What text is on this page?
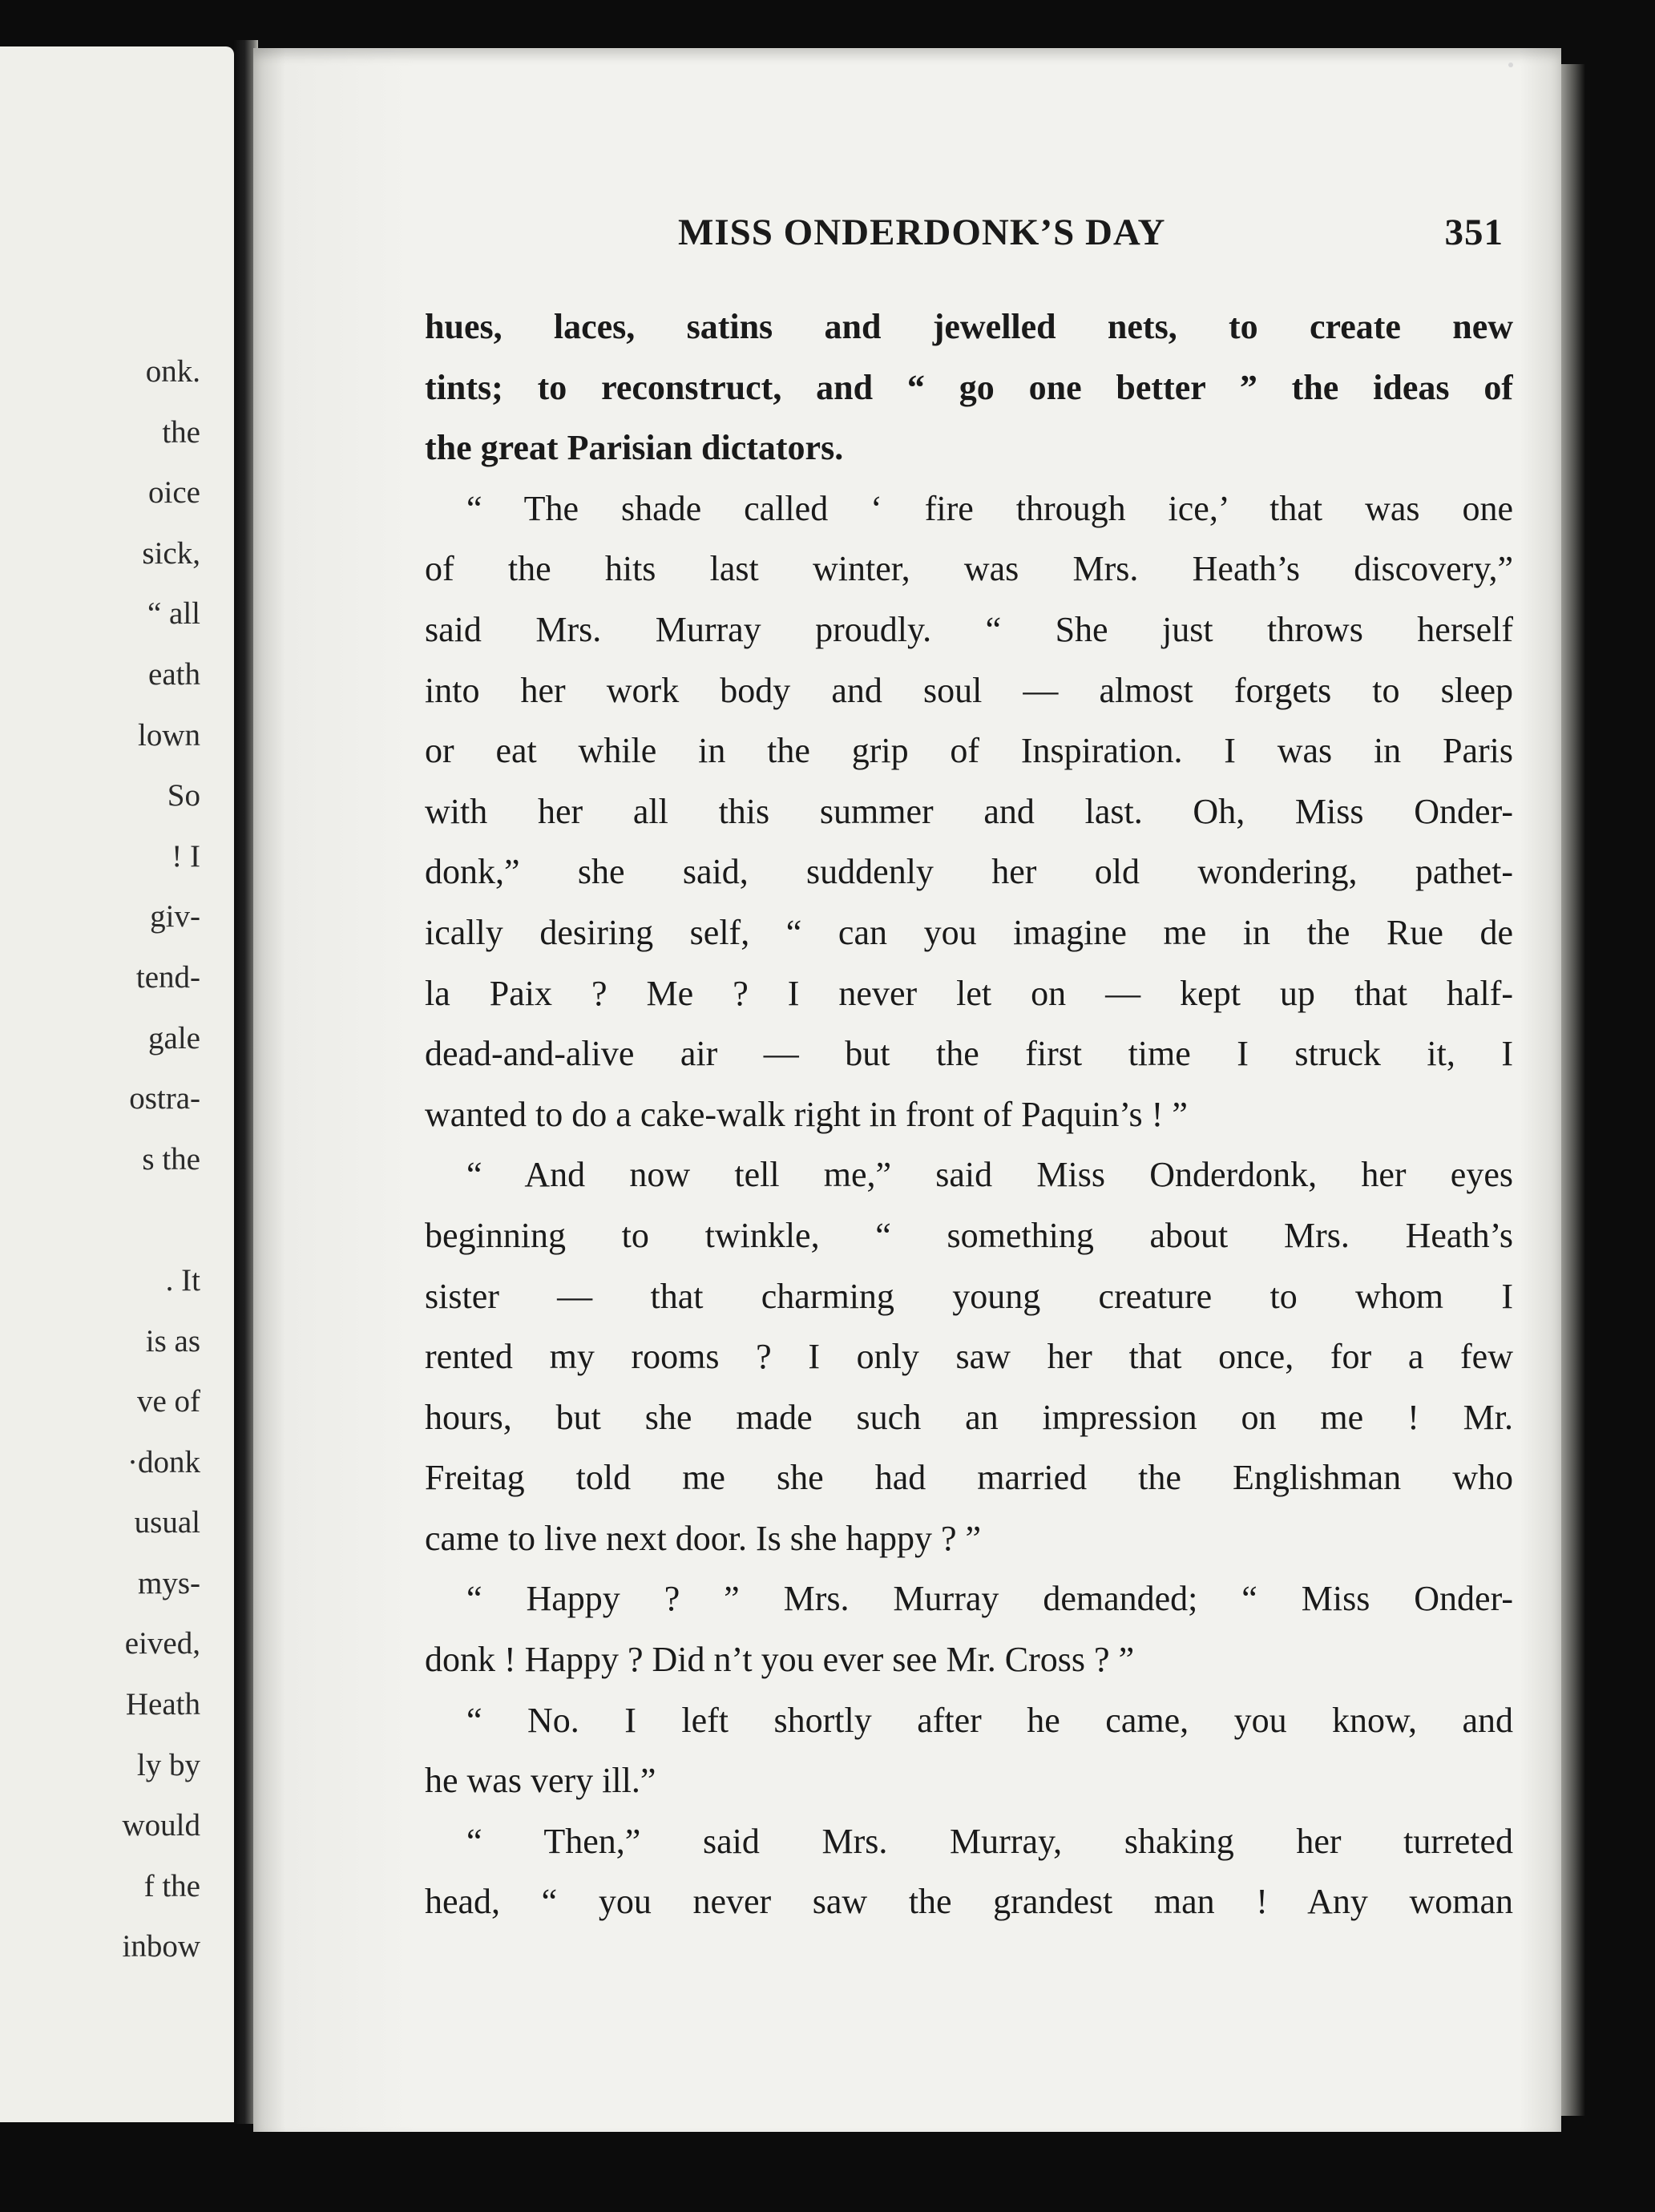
onk.
the
oice
sick,
“ all
eath
lown
So
! I
giv-
tend-
gale
ostra-
s the
. It
is as
ve of
·donk
usual
mys-
eived,
Heath
ly by
would
f the
inbow
MISS ONDERDONK’S DAY	351
hues, laces, satins and jewelled nets, to create new
tints; to reconstruct, and “ go one better ” the ideas of
the great Parisian dictators.
“ The shade called ‘ fire through ice,’ that was one
of the hits last winter, was Mrs. Heath’s discovery,”
said Mrs. Murray proudly. “ She just throws herself
into her work body and soul — almost forgets to sleep
or eat while in the grip of Inspiration. I was in Paris
with her all this summer and last. Oh, Miss Onder-
donk,” she said, suddenly her old wondering, pathet-
ically desiring self, “ can you imagine me in the Rue de
la Paix ? Me ? I never let on — kept up that half-
dead-and-alive air — but the first time I struck it, I
wanted to do a cake-walk right in front of Paquin’s ! ”
“ And now tell me,” said Miss Onderdonk, her eyes
beginning to twinkle, “ something about Mrs. Heath’s
sister — that charming young creature to whom I
rented my rooms ? I only saw her that once, for a few
hours, but she made such an impression on me ! Mr.
Freitag told me she had married the Englishman who
came to live next door. Is she happy ? ”
“ Happy ? ” Mrs. Murray demanded; “ Miss Onder-
donk ! Happy ? Did n’t you ever see Mr. Cross ? ”
“ No. I left shortly after he came, you know, and
he was very ill.”
“ Then,” said Mrs. Murray, shaking her turreted
head, “ you never saw the grandest man ! Any woman
